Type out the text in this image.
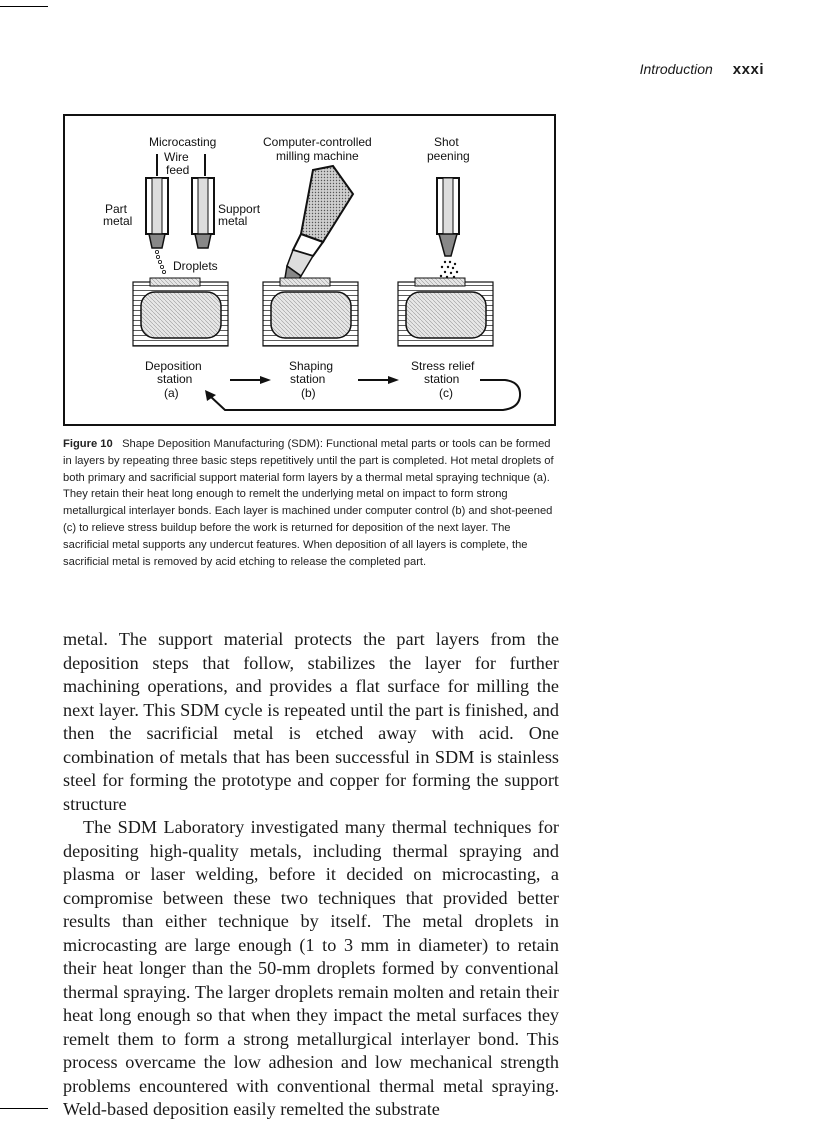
Introduction xxxi
Microcasting
Wire
feed
Part
metal
Support
metal
Droplets
Computer-controlled
milling machine
Shot
peening
Deposition
station
(a)
Shaping
station
(b)
Stress relief
station
(c)
Figure 10 Shape Deposition Manufacturing (SDM): Functional metal parts or tools can be formed in layers by repeating three basic steps repetitively until the part is completed. Hot metal droplets of both primary and sacrificial support material form layers by a thermal metal spraying technique (a). They retain their heat long enough to remelt the underlying metal on impact to form strong metallurgical interlayer bonds. Each layer is machined under computer control (b) and shot-peened (c) to relieve stress buildup before the work is returned for deposition of the next layer. The sacrificial metal supports any undercut features. When deposition of all layers is complete, the sacrificial metal is removed by acid etching to release the completed part.

metal. The support material protects the part layers from the deposition steps that follow, stabilizes the layer for further machining operations, and provides a flat surface for milling the next layer. This SDM cycle is repeated until the part is finished, and then the sacrificial metal is etched away with acid. One combination of metals that has been successful in SDM is stainless steel for forming the prototype and copper for forming the support structure

The SDM Laboratory investigated many thermal techniques for depositing high-quality metals, including thermal spraying and plasma or laser welding, before it decided on microcasting, a compromise between these two techniques that provided better results than either technique by itself. The metal droplets in microcasting are large enough (1 to 3 mm in diameter) to retain their heat longer than the 50-mm droplets formed by conventional thermal spraying. The larger droplets remain molten and retain their heat long enough so that when they impact the metal surfaces they remelt them to form a strong metallurgical interlayer bond. This process overcame the low adhesion and low mechanical strength problems encountered with conventional thermal metal spraying. Weld-based deposition easily remelted the substrate
